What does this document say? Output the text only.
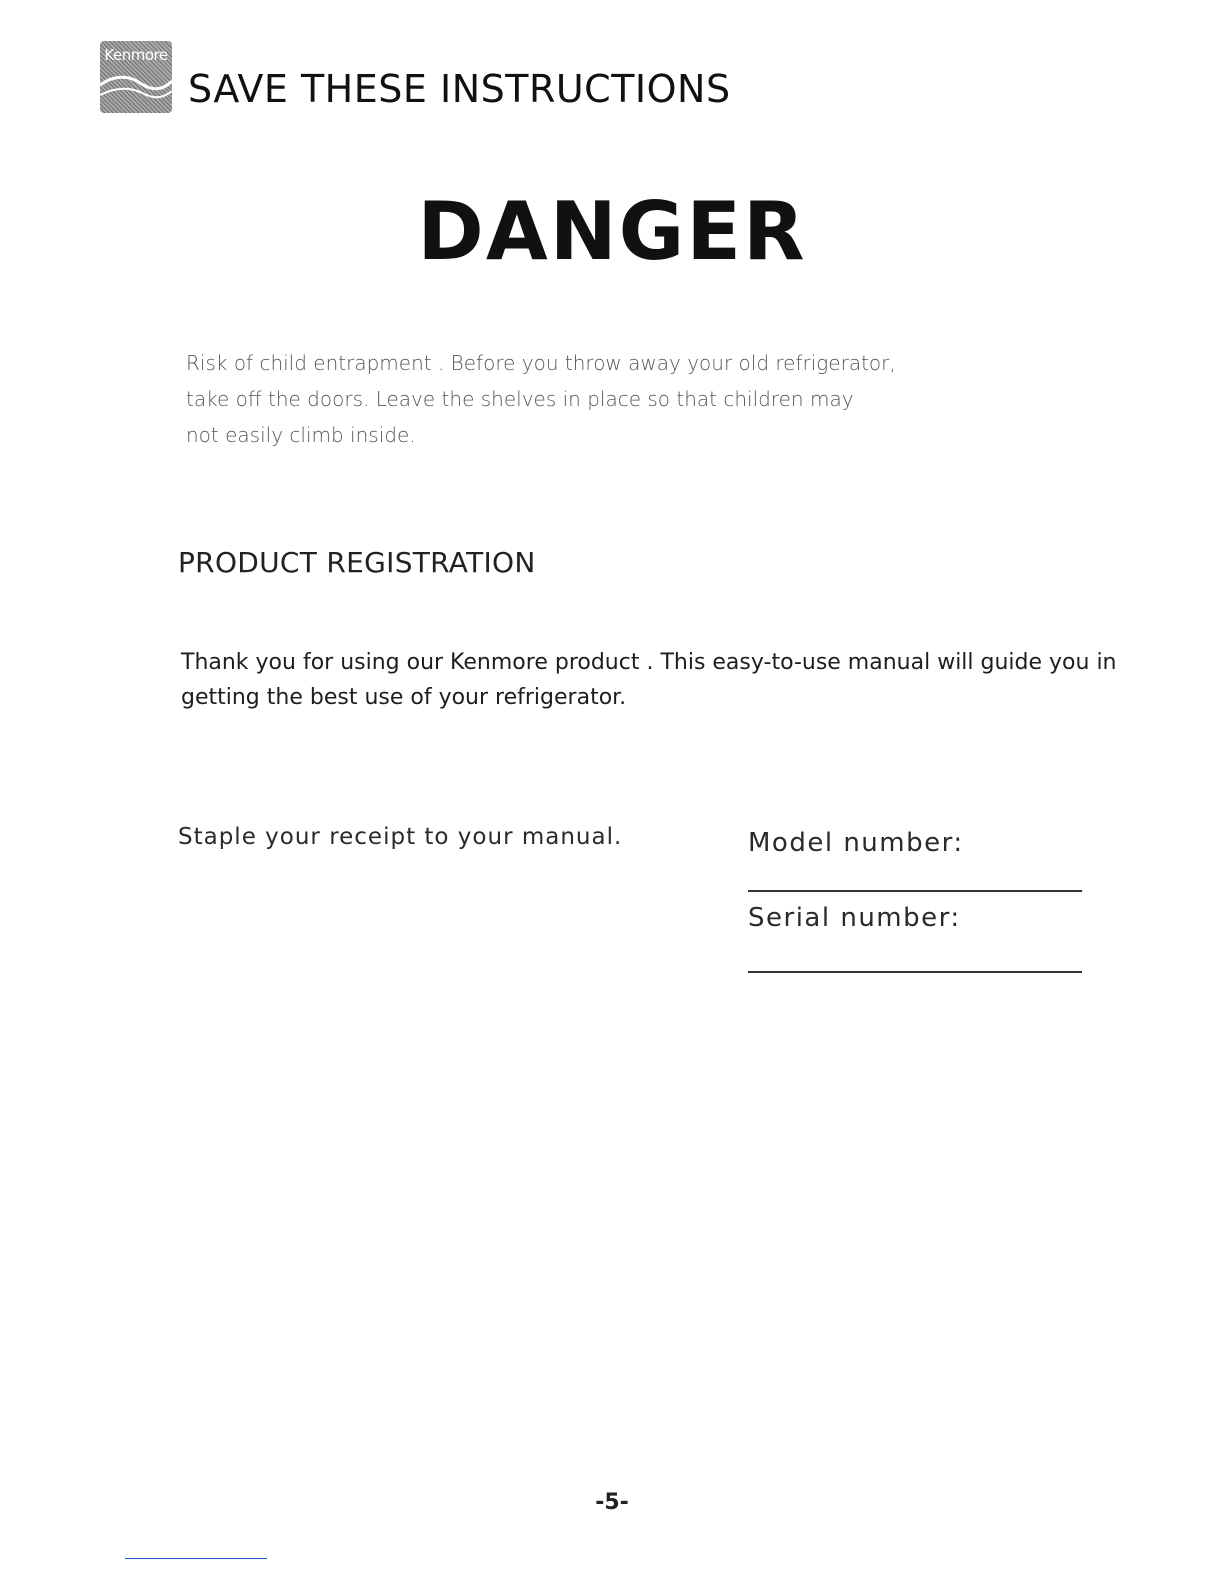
Kenmore
SAVE THESE INSTRUCTIONS
DANGER
Risk of child entrapment . Before you throw away your old refrigerator,
take off the doors. Leave the shelves in place so that children may
not easily climb inside.
PRODUCT REGISTRATION
Thank you for using our Kenmore product . This easy-to-use manual will guide you in
getting the best use of your refrigerator.
Staple your receipt to your manual.	Model number:
Serial number:
-5-
